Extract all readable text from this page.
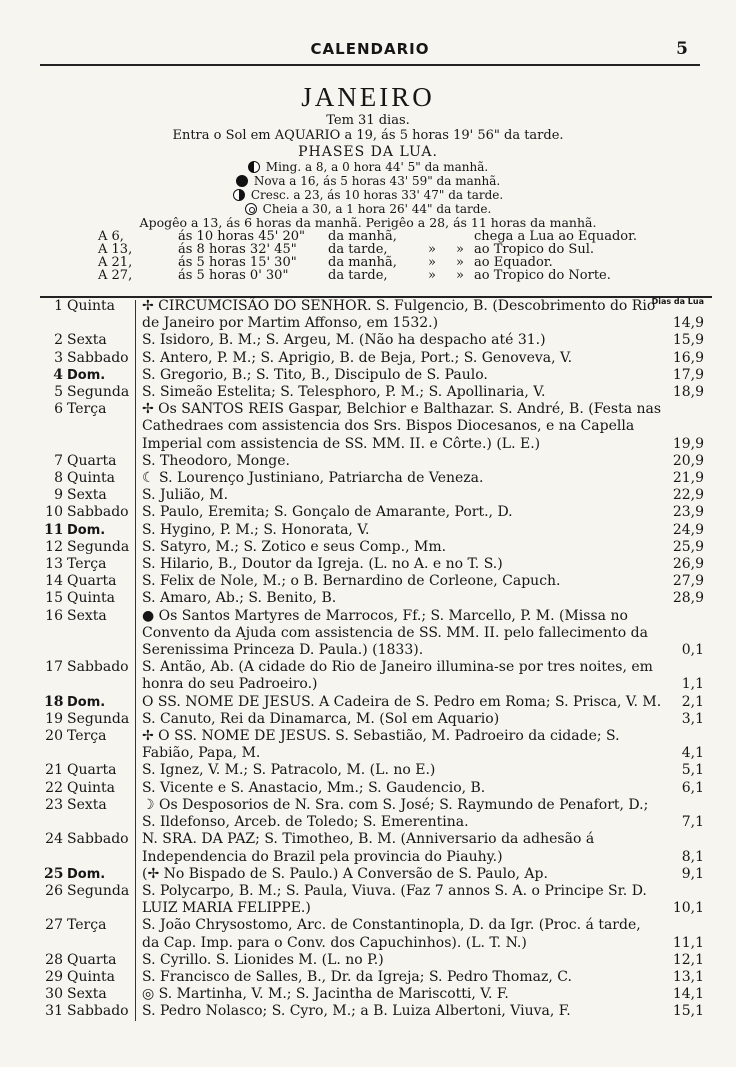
CALENDARIO	5
JANEIRO
Tem 31 dias.
Entra o Sol em AQUARIO a 19, ás 5 horas 19' 56" da tarde.
PHASES DA LUA.
Ming. a 8, a 0 hora 44' 5" da manhã.
Nova a 16, ás 5 horas 43' 59" da manhã.
Cresc. a 23, ás 10 horas 33' 47" da tarde.
Cheia a 30, a 1 hora 26' 44" da tarde.
Apogêo a 13, ás 6 horas da manhã. Perigêo a 28, ás 11 horas da manhã.
A 6,	ás 10 horas 45' 20"	da manhã,	chega a Lua ao Equador.
A 13,	ás 8 horas 32' 45"	da tarde,	»	» ao Tropico do Sul.
A 21,	ás 5 horas 15' 30"	da manhã,	»	» ao Equador.
A 27,	ás 5 horas 0' 30"	da tarde,	»	» ao Tropico do Norte.
Dias da Lua
1 Quinta	✢ CIRCUMCISÃO DO SENHOR. S. Fulgencio, B. (Descobrimento do Rio de Janeiro por Martim Affonso, em 1532.)	14,9
2 Sexta	S. Isidoro, B. M.; S. Argeu, M. (Não ha despacho até 31.)	15,9
3 Sabbado S. Antero, P. M.; S. Aprigio, B. de Beja, Port.; S. Genoveva, V.	16,9
4 Dom.	S. Gregorio, B.; S. Tito, B., Discipulo de S. Paulo.	17,9
5 Segunda S. Simeão Estelita; S. Telesphoro, P. M.; S. Apollinaria, V.	18,9
6 Terça	✢ Os SANTOS REIS Gaspar, Belchior e Balthazar. S. André, B. (Festa nas Cathedraes com assistencia dos Srs. Bispos Diocesanos, e na Capella Imperial com assistencia de SS. MM. II. e Côrte.) (L. E.)	19,9
7 Quarta	S. Theodoro, Monge.	20,9
8 Quinta	☾ S. Lourenço Justiniano, Patriarcha de Veneza.	21,9
9 Sexta	S. Julião, M.	22,9
10 Sabbado S. Paulo, Eremita; S. Gonçalo de Amarante, Port., D.	23,9
11 Dom.	S. Hygino, P. M.; S. Honorata, V.	24,9
12 Segunda S. Satyro, M.; S. Zotico e seus Comp., Mm.	25,9
13 Terça	S. Hilario, B., Doutor da Igreja. (L. no A. e no T. S.)	26,9
14 Quarta	S. Felix de Nole, M.; o B. Bernardino de Corleone, Capuch.	27,9
15 Quinta	S. Amaro, Ab.; S. Benito, B.	28,9
16 Sexta	● Os Santos Martyres de Marrocos, Ff.; S. Marcello, P. M. (Missa no Convento da Ajuda com assistencia de SS. MM. II. pelo fallecimento da Serenissima Princeza D. Paula.) (1833).	0,1
17 Sabbado S. Antão, Ab. (A cidade do Rio de Janeiro illumina-se por tres noites, em honra do seu Padroeiro.)	1,1
18 Dom.	O SS. NOME DE JESUS. A Cadeira de S. Pedro em Roma; S. Prisca, V. M.	2,1
19 Segunda S. Canuto, Rei da Dinamarca, M. (Sol em Aquario)	3,1
20 Terça	✢ O SS. NOME DE JESUS. S. Sebastião, M. Padroeiro da cidade; S. Fabião, Papa, M.	4,1
21 Quarta	S. Ignez, V. M.; S. Patracolo, M. (L. no E.)	5,1
22 Quinta	S. Vicente e S. Anastacio, Mm.; S. Gaudencio, B.	6,1
23 Sexta	☽ Os Desposorios de N. Sra. com S. José; S. Raymundo de Penafort, D.; S. Ildefonso, Arceb. de Toledo; S. Emerentina.	7,1
24 Sabbado N. SRA. DA PAZ; S. Timotheo, B. M. (Anniversario da adhesão á Independencia do Brazil pela provincia do Piauhy.)	8,1
25 Dom.	(✢ No Bispado de S. Paulo.) A Conversão de S. Paulo, Ap.	9,1
26 Segunda S. Polycarpo, B. M.; S. Paula, Viuva. (Faz 7 annos S. A. o Principe Sr. D. LUIZ MARIA FELIPPE.)	10,1
27 Terça	S. João Chrysostomo, Arc. de Constantinopla, D. da Igr. (Proc. á tarde, da Cap. Imp. para o Conv. dos Capuchinhos). (L. T. N.)	11,1
28 Quarta	S. Cyrillo. S. Lionides M. (L. no P.)	12,1
29 Quinta	S. Francisco de Salles, B., Dr. da Igreja; S. Pedro Thomaz, C.	13,1
30 Sexta	◎ S. Martinha, V. M.; S. Jacintha de Mariscotti, V. F.	14,1
31 Sabbado S. Pedro Nolasco; S. Cyro, M.; a B. Luiza Albertoni, Viuva, F.	15,1
